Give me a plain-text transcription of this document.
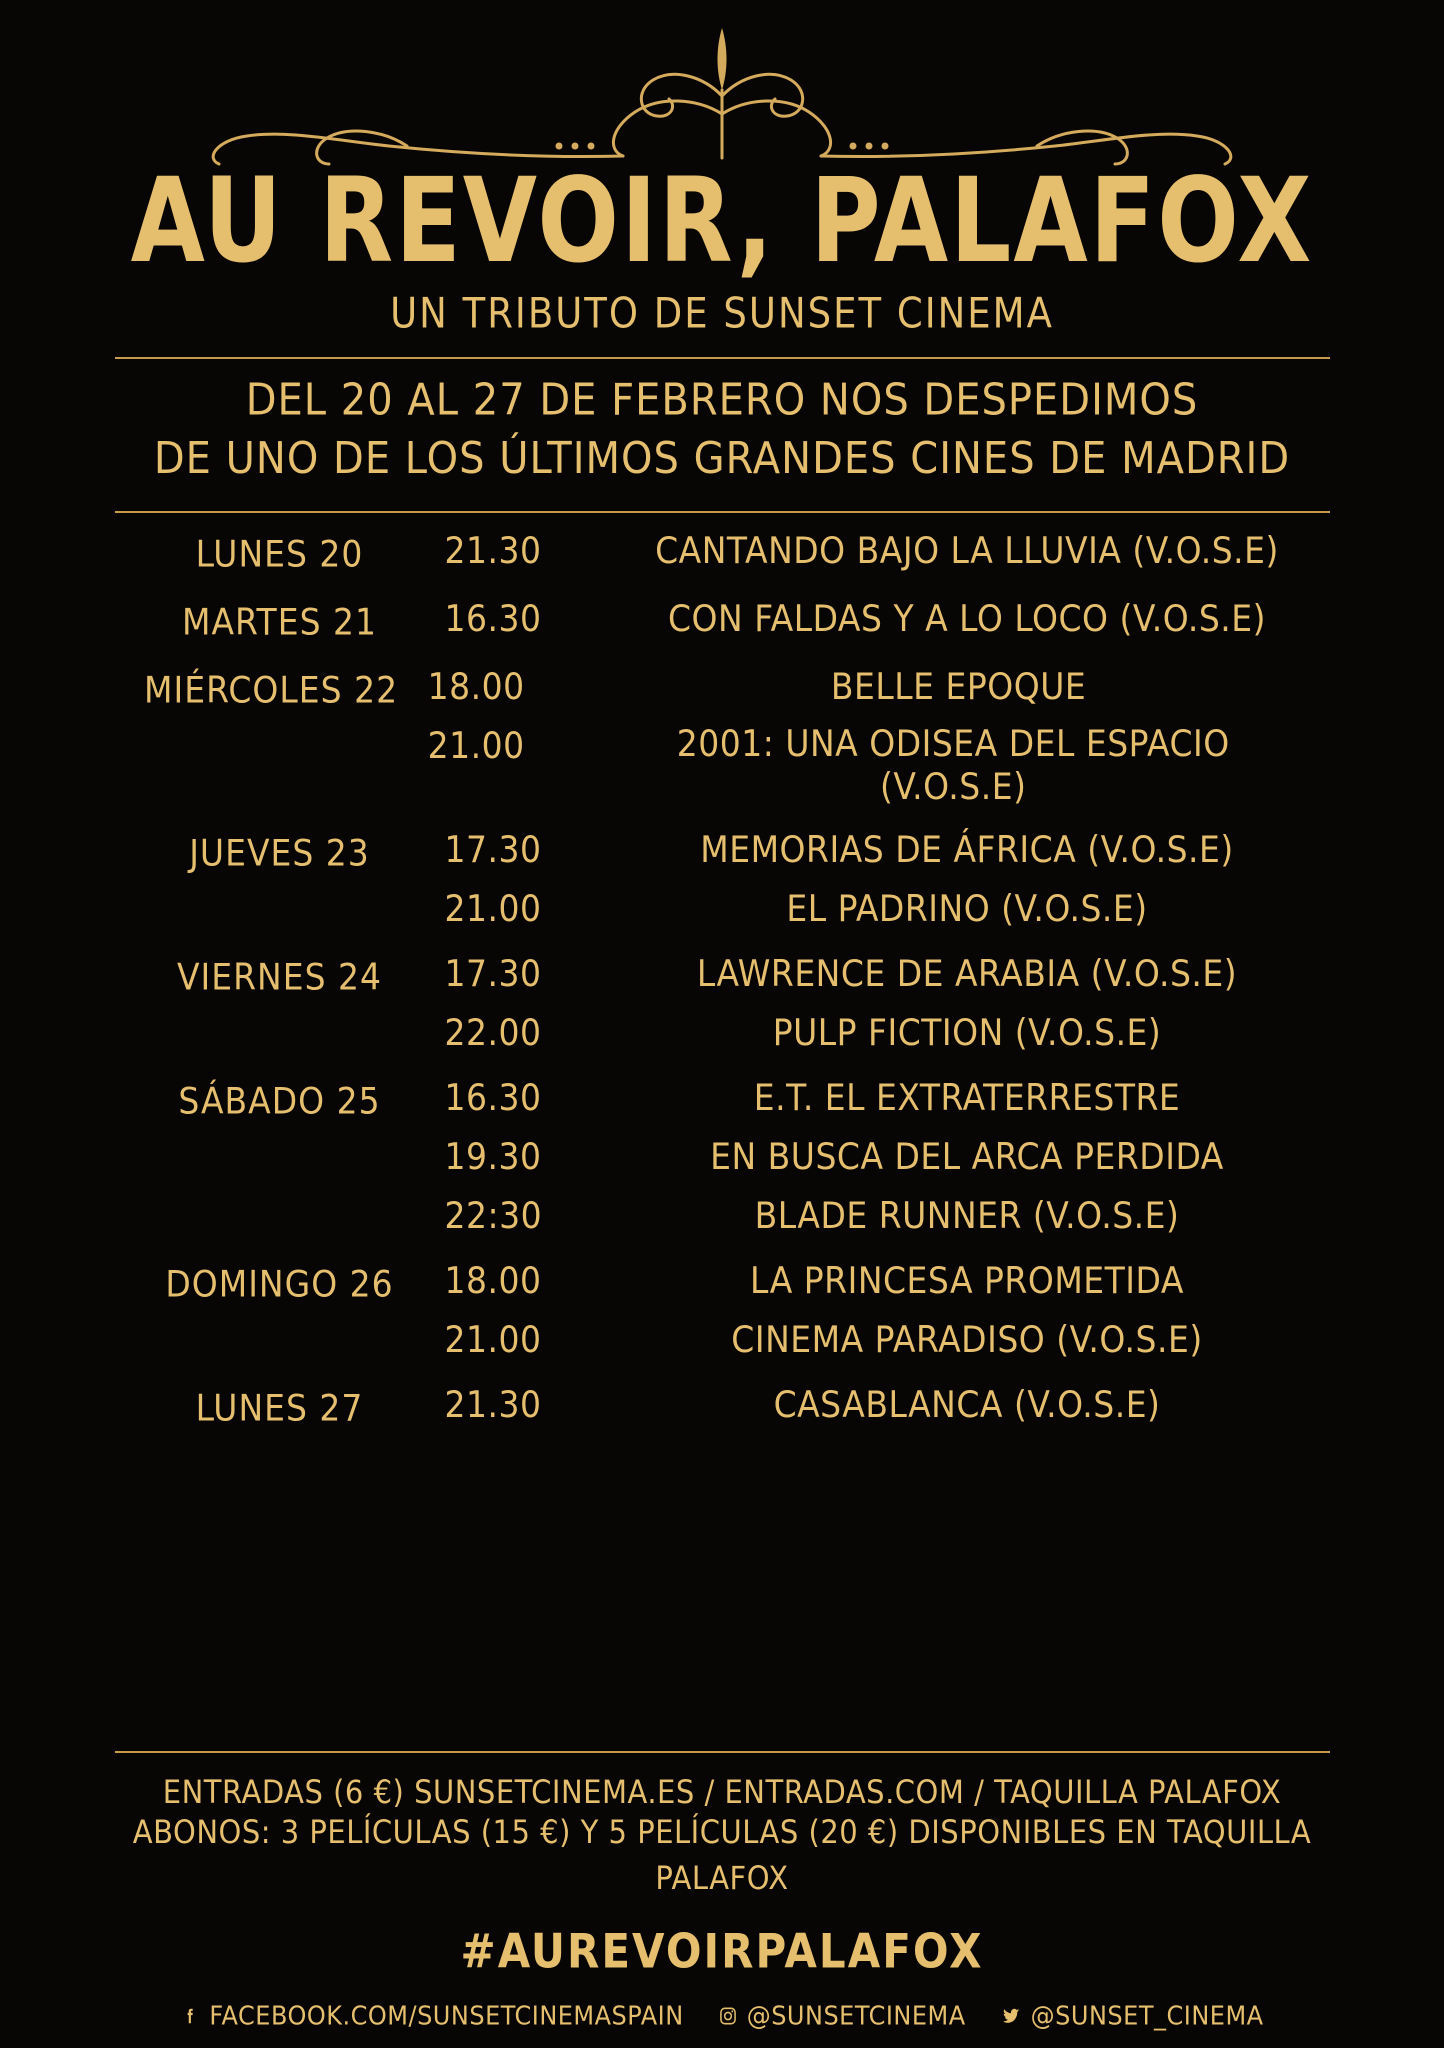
AU REVOIR, PALAFOX
UN TRIBUTO DE SUNSET CINEMA
DEL 20 AL 27 DE FEBRERO NOS DESPEDIMOS
DE UNO DE LOS ÚLTIMOS GRANDES CINES DE MADRID
LUNES 20	21.30	CANTANDO BAJO LA LLUVIA (V.O.S.E)
MARTES 21	16.30	CON FALDAS Y A LO LOCO (V.O.S.E)
MIÉRCOLES 22 18.00	BELLE EPOQUE
21.00	2001: UNA ODISEA DEL ESPACIO (V.O.S.E)
JUEVES 23	17.30	MEMORIAS DE ÁFRICA (V.O.S.E)
21.00	EL PADRINO (V.O.S.E)
VIERNES 24	17.30	LAWRENCE DE ARABIA (V.O.S.E)
22.00	PULP FICTION (V.O.S.E)
SÁBADO 25	16.30	E.T. EL EXTRATERRESTRE
19.30	EN BUSCA DEL ARCA PERDIDA
22:30	BLADE RUNNER (V.O.S.E)
DOMINGO 26	18.00	LA PRINCESA PROMETIDA
21.00	CINEMA PARADISO (V.O.S.E)
LUNES 27	21.30	CASABLANCA (V.O.S.E)
ENTRADAS (6 €) SUNSETCINEMA.ES / ENTRADAS.COM / TAQUILLA PALAFOX
ABONOS: 3 PELÍCULAS (15 €) Y 5 PELÍCULAS (20 €) DISPONIBLES EN TAQUILLA PALAFOX
#AUREVOIRPALAFOX
FACEBOOK.COM/SUNSETCINEMASPAIN	@SUNSETCINEMA	@SUNSET_CINEMA
